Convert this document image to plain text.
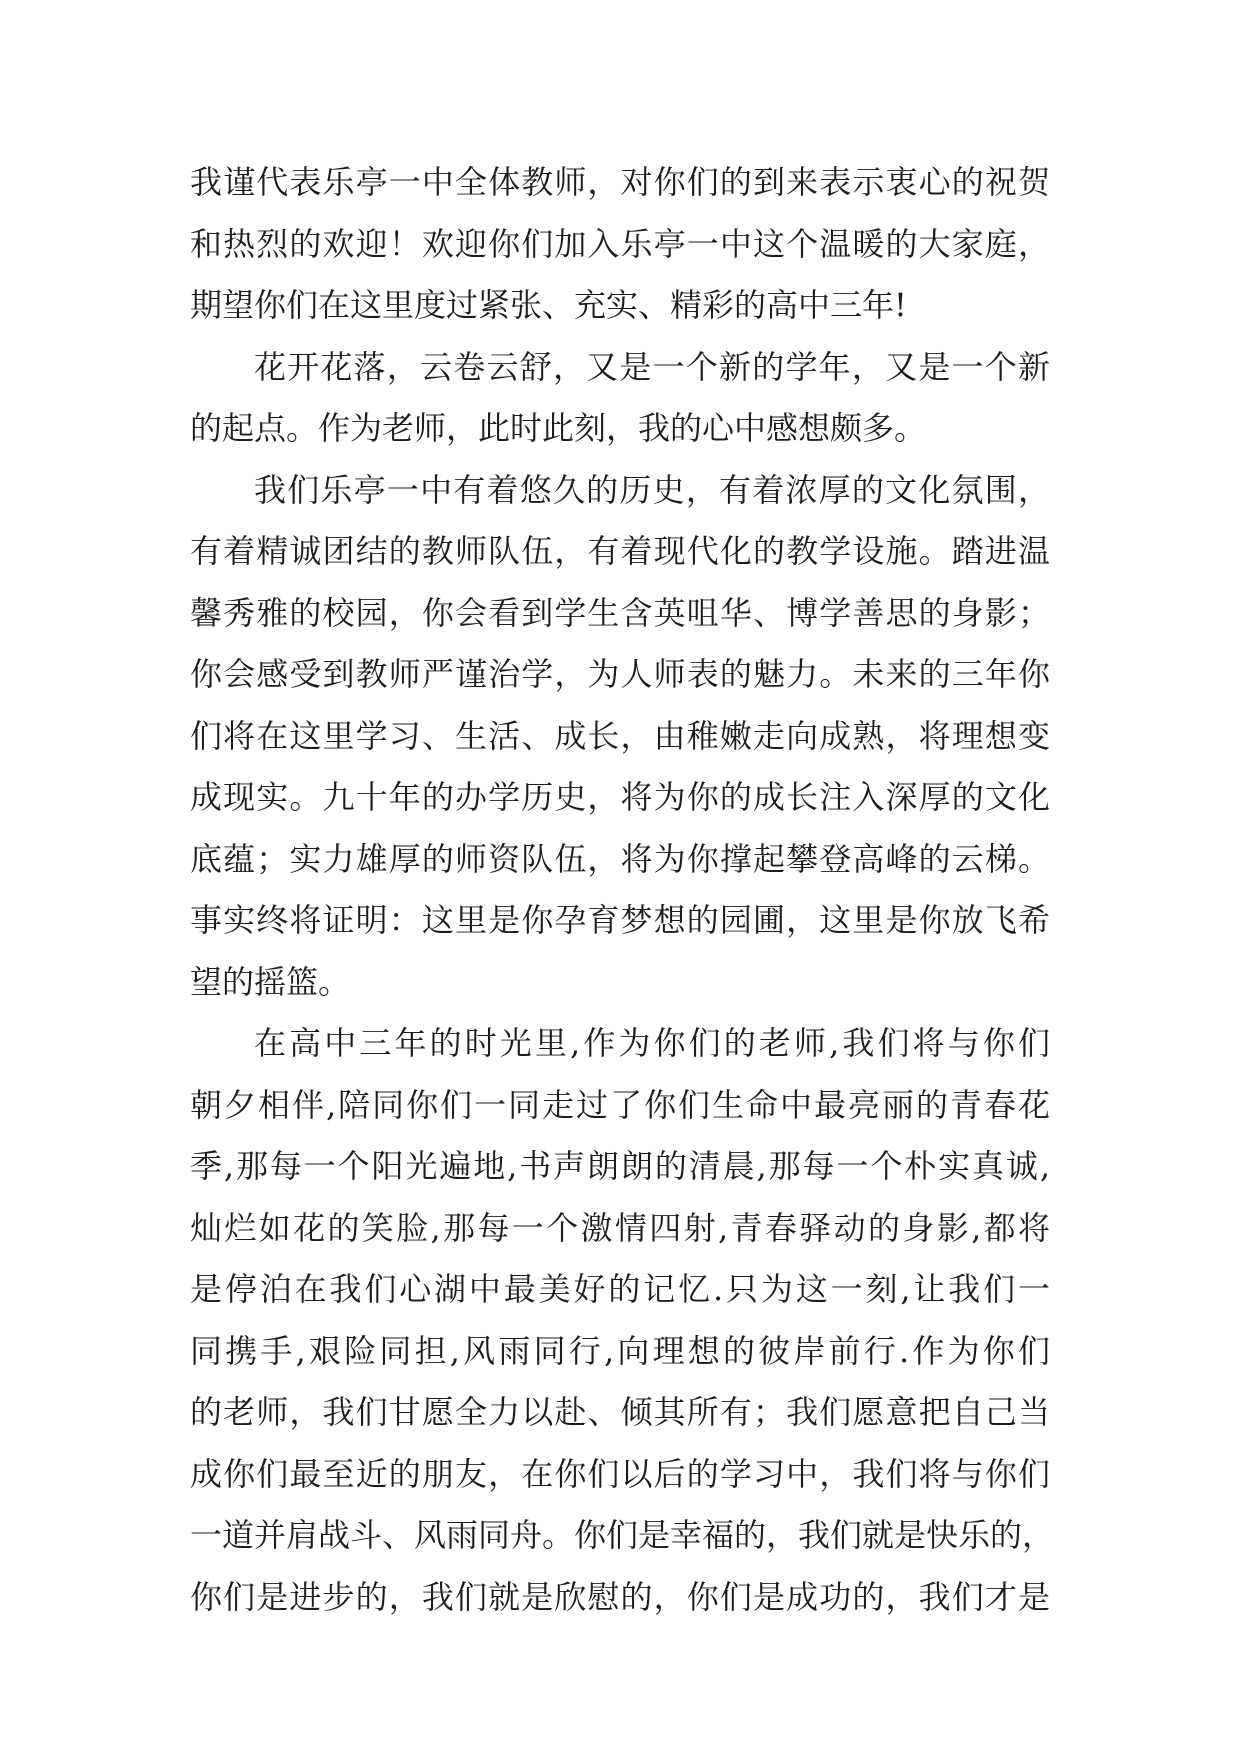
我谨代表乐亭一中全体教师，对你们的到来表示衷心的祝贺
和热烈的欢迎！欢迎你们加入乐亭一中这个温暖的大家庭，
期望你们在这里度过紧张、充实、精彩的高中三年!
花开花落，云卷云舒，又是一个新的学年，又是一个新
的起点。作为老师，此时此刻，我的心中感想颇多。
我们乐亭一中有着悠久的历史，有着浓厚的文化氛围，
有着精诚团结的教师队伍，有着现代化的教学设施。踏进温
馨秀雅的校园，你会看到学生含英咀华、博学善思的身影；
你会感受到教师严谨治学，为人师表的魅力。未来的三年你
们将在这里学习、生活、成长，由稚嫩走向成熟，将理想变
成现实。九十年的办学历史，将为你的成长注入深厚的文化
底蕴；实力雄厚的师资队伍，将为你撑起攀登高峰的云梯。
事实终将证明：这里是你孕育梦想的园圃，这里是你放飞希
望的摇篮。
在高中三年的时光里,作为你们的老师,我们将与你们
朝夕相伴,陪同你们一同走过了你们生命中最亮丽的青春花
季,那每一个阳光遍地,书声朗朗的清晨,那每一个朴实真诚,
灿烂如花的笑脸,那每一个激情四射,青春驿动的身影,都将
是停泊在我们心湖中最美好的记忆.只为这一刻,让我们一
同携手,艰险同担,风雨同行,向理想的彼岸前行.作为你们
的老师，我们甘愿全力以赴、倾其所有；我们愿意把自己当
成你们最至近的朋友，在你们以后的学习中，我们将与你们
一道并肩战斗、风雨同舟。你们是幸福的，我们就是快乐的，
你们是进步的，我们就是欣慰的，你们是成功的，我们才是
